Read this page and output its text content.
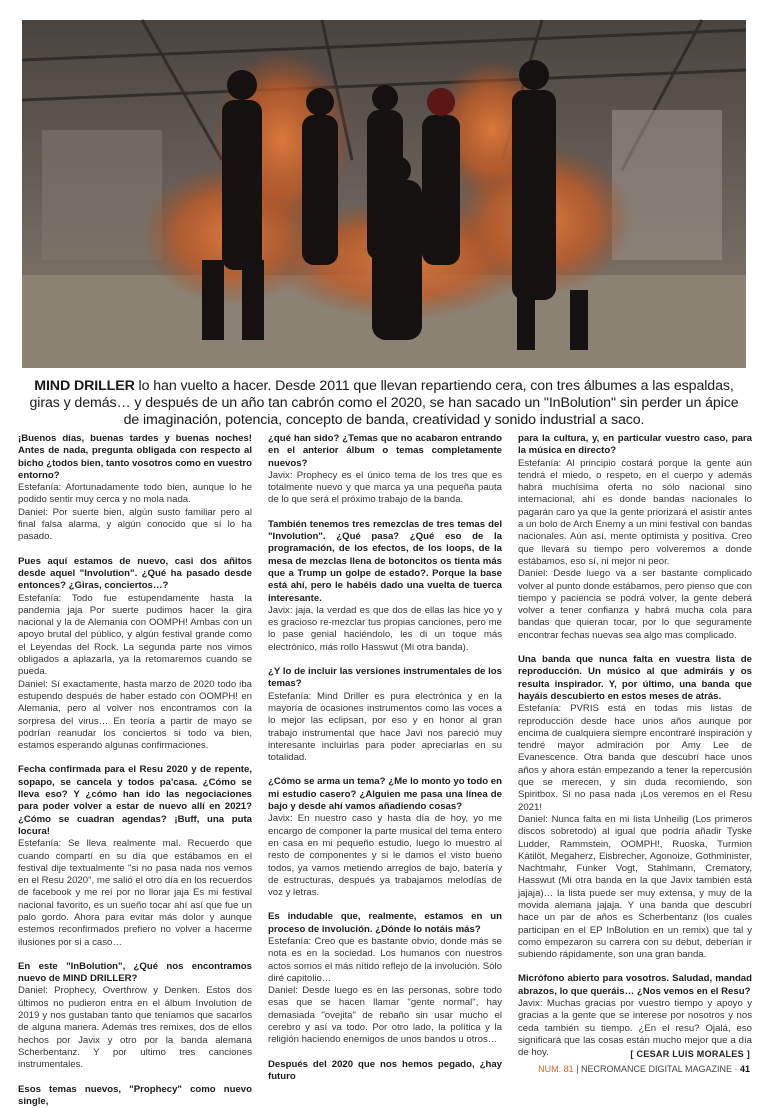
MIND DRILLER lo han vuelto a hacer. Desde 2011 que llevan repartiendo cera, con tres álbumes a las espaldas, giras y demás… y después de un año tan cabrón como el 2020, se han sacado un "InBolution" sin perder un ápice de imaginación, potencia, concepto de banda, creatividad y sonido industrial a saco.

¡Buenos días, buenas tardes y buenas noches! Antes de nada, pregunta obligada con respecto al bicho ¿todos bien, tanto vosotros como en vuestro entorno?

Estefanía: Afortunadamente todo bien, aunque lo he podido sentir muy cerca y no mola nada.

Daniel: Por suerte bien, algún susto familiar pero al final falsa alarma, y algún conocido que sí lo ha pasado.

Pues aquí estamos de nuevo, casi dos añitos desde aquel "Involution". ¿Qué ha pasado desde entonces? ¿Giras, conciertos…?

Estefanía: Todo fue estupendamente hasta la pandemia jaja Por suerte pudimos hacer la gira nacional y la de Alemania con OOMPH! Ambas con un apoyo brutal del público, y algún festival grande como el Leyendas del Rock. La segunda parte nos vimos obligados a aplazarla, ya la retomaremos cuando se pueda.

Daniel: Sí exactamente, hasta marzo de 2020 todo iba estupendo después de haber estado con OOMPH! en Alemania, pero al volver nos encontramos con la sorpresa del virus… En teoría a partir de mayo se podrían reanudar los conciertos si todo va bien, estamos esperando algunas confirmaciones.

Fecha confirmada para el Resu 2020 y de repente, sopapo, se cancela y todos pa'casa. ¿Cómo se lleva eso? Y ¿cómo han ido las negociaciones para poder volver a estar de nuevo allí en 2021? ¿Cómo se cuadran agendas? ¡Buff, una puta locura!

Estefanía: Se lleva realmente mal. Recuerdo que cuando compartí en su día que estábamos en el festival dije textualmente "si no pasa nada nos vemos en el Resu 2020", me salió el otro día en los recuerdos de facebook y me reí por no llorar jaja Es mi festival nacional favorito, es un sueño tocar ahí así que fue un palo gordo. Ahora para evitar más dolor y aunque estemos reconfirmados prefiero no volver a hacerme ilusiones por si a caso…

En este "InBolution", ¿Qué nos encontramos nuevo de MIND DRILLER?

Daniel: Prophecy, Overthrow y Denken. Estos dos últimos no pudieron entra en el álbum Involution de 2019 y nos gustaban tanto que teníamos que sacarlos de alguna manera. Además tres remixes, dos de ellos hechos por Javix y otro por la banda alemana Scherbentanz. Y por ultimo tres canciones instrumentales.

Esos temas nuevos, "Prophecy" como nuevo single,

¿qué han sido? ¿Temas que no acabaron entrando en el anterior álbum o temas completamente nuevos?

Javix: Prophecy es el único tema de los tres que es totalmente nuevo y que marca ya una pequeña pauta de lo que será el próximo trabajo de la banda.

También tenemos tres remezclas de tres temas del "Involution". ¿Qué pasa? ¿Qué eso de la programación, de los efectos, de los loops, de la mesa de mezclas llena de botoncitos os tienta más que a Trump un golpe de estado?. Porque la base está ahí, pero le habéis dado una vuelta de tuerca interesante.

Javix: jaja, la verdad es que dos de ellas las hice yo y es gracioso re-mezclar tus propias canciones, pero me lo pase genial haciéndolo, les di un toque más electrónico, más rollo Hasswut (Mi otra banda).

¿Y lo de incluir las versiones instrumentales de los temas?

Estefanía: Mind Driller es pura electrónica y en la mayoría de ocasiones instrumentos como las voces a lo mejor las eclipsan, por eso y en honor al gran trabajo instrumental que hace Javi nos pareció muy interesante incluirlas para poder apreciarlas en su totalidad.

¿Cómo se arma un tema? ¿Me lo monto yo todo en mi estudio casero? ¿Alguien me pasa una línea de bajo y desde ahí vamos añadiendo cosas?

Javix: En nuestro caso y hasta día de hoy, yo me encargo de componer la parte musical del tema entero en casa en mi pequeño estudio, luego lo muestro al resto de componentes y si le damos el visto bueno todos, ya vamos metiendo arreglos de bajo, batería y de estructuras, después ya trabajamos melodías de voz y letras.

Es indudable que, realmente, estamos en un proceso de involución. ¿Dónde lo notáis más?

Estefanía: Creo que es bastante obvio, donde más se nota es en la sociedad. Los humanos con nuestros actos somos el más nítido reflejo de la involución. Sólo diré capitolio…

Daniel: Desde luego es en las personas, sobre todo esas que se hacen llamar "gente normal", hay demasiada "ovejita" de rebaño sin usar mucho el cerebro y así va todo. Por otro lado, la política y la religión haciendo enemigos de unos bandos u otros…

Después del 2020 que nos hemos pegado, ¿hay futuro

para la cultura, y, en particular vuestro caso, para la música en directo?

Estefanía: Al principio costará porque la gente aún tendrá el miedo, o respeto, en el cuerpo y además habrá muchísima oferta no sólo nacional sino internacional, ahí es donde bandas nacionales lo pagarán caro ya que la gente priorizará el asistir antes a un bolo de Arch Enemy a un mini festival con bandas nacionales. Aún así, mente optimista y positiva. Creo que llevará su tiempo pero volveremos a donde estábamos, eso sí, ni mejor ni peor.

Daniel: Desde luego va a ser bastante complicado volver al punto donde estábamos, pero pienso que con tiempo y paciencia se podrá volver, la gente deberá volver a tener confianza y habrá mucha cola para bandas que quieran tocar, por lo que seguramente encontrar fechas nuevas sea algo mas complicado.

Una banda que nunca falta en vuestra lista de reproducción. Un músico al que admiráis y os resulta inspirador. Y, por último, una banda que hayáis descubierto en estos meses de atrás.

Estefanía: PVRIS está en todas mis listas de reproducción desde hace unos años aunque por encima de cualquiera siempre encontraré inspiración y tendré mayor admiración por Amy Lee de Evanescence. Otra banda que descubrí hace unos años y ahora están empezando a tener la repercusión que se merecen, y sin duda recomiendo, son Spiritbox. Si no pasa nada ¡Los veremos en el Resu 2021!

Daniel: Nunca falta en mi lista Unheilig (Los primeros discos sobretodo) al igual que podría añadir Tyske Ludder, Rammstein, OOMPH!, Ruoska, Turmion Kätilöt, Megaherz, Eisbrecher, Agonoize, Gothminister, Nachtmahr, Funker Vogt, Stahlmann, Crematory, Hasswut (Mi otra banda en la que Javix también está jajaja)… la lista puede ser muy extensa, y muy de la movida alemana jajaja. Y una banda que descubrí hace un par de años es Scherbentanz (los cuales participan en el EP InBolution en un remix) que tal y como empezaron su carrera con su debut, deberían ir subiendo rápidamente, son una gran banda.

Micrófono abierto para vosotros. Saludad, mandad abrazos, lo que queráis… ¿Nos vemos en el Resu?

Javix: Muchas gracias por vuestro tiempo y apoyo y gracias a la gente que se interese por nosotros y nos ceda también su tiempo. ¿En el resu? Ojalá, eso significará que las cosas están mucho mejor que a día de hoy.	[ CESAR LUIS MORALES ]
NUM. 81 | NECROMANCE DIGITAL MAGAZINE · 41
